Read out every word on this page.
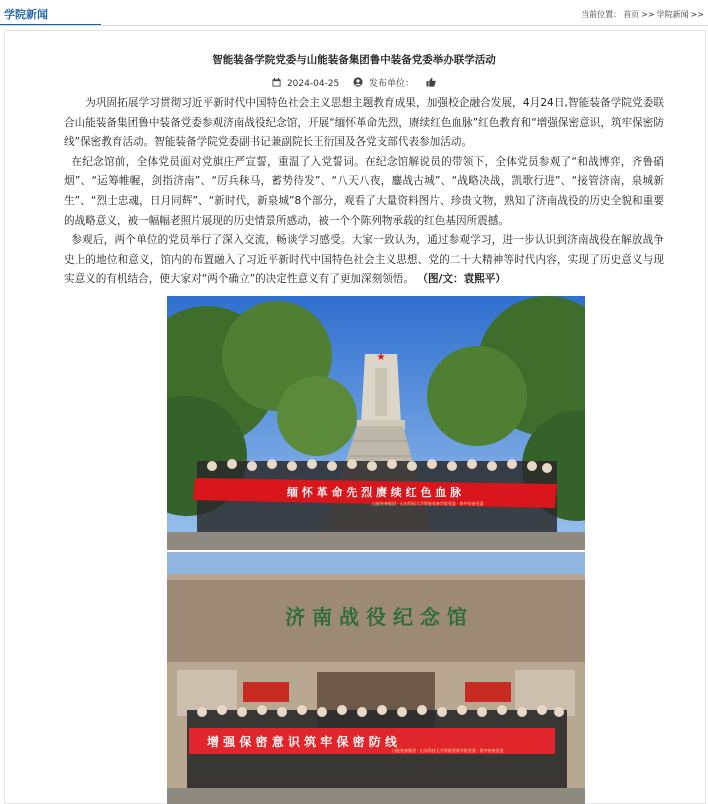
学院新闻	当前位置： 首页 >> 学院新闻 >>
智能装备学院党委与山能装备集团鲁中装备党委举办联学活动
2024-04-25	发布单位：

为巩固拓展学习贯彻习近平新时代中国特色社会主义思想主题教育成果，加强校企融合发展，4月24日,智能装备学院党委联合山能装备集团鲁中装备党委参观济南战役纪念馆，开展“缅怀革命先烈，赓续红色血脉”红色教育和“增强保密意识，筑牢保密防线”保密教育活动。智能装备学院党委副书记兼副院长王衍国及各党支部代表参加活动。

在纪念馆前，全体党员面对党旗庄严宣誓，重温了入党誓词。在纪念馆解说员的带领下，全体党员参观了“和战博弈，齐鲁硝烟”、“运筹帷幄，剑指济南”、“厉兵秣马，蓄势待发”、“八天八夜，鏖战古城”、“战略决战，凯歌行进”、“接管济南，泉城新生”、“烈士忠魂，日月同辉”、“新时代，新泉城”8个部分，观看了大量资料图片、珍贵文物，熟知了济南战役的历史全貌和重要的战略意义，被一幅幅老照片展现的历史情景所感动，被一个个陈列物承载的红色基因所震撼。

参观后，两个单位的党员举行了深入交流，畅谈学习感受。大家一致认为，通过参观学习，进一步认识到济南战役在解放战争史上的地位和意义，馆内的布置融入了习近平新时代中国特色社会主义思想、党的二十大精神等时代内容，实现了历史意义与现实意义的有机结合，使大家对“两个确立”的决定性意义有了更加深刻领悟。 （图/文：袁熙平）

★
缅 怀 革 命 先 烈 赓 续 红 色 血 脉
山能装备集团 · 山东科技大学智能装备学院党委 · 鲁中装备党委
济 南 战 役 纪 念 馆
增 强 保 密 意 识 筑 牢 保 密 防 线
山能装备集团 · 山东科技大学智能装备学院党委 · 鲁中装备党委
